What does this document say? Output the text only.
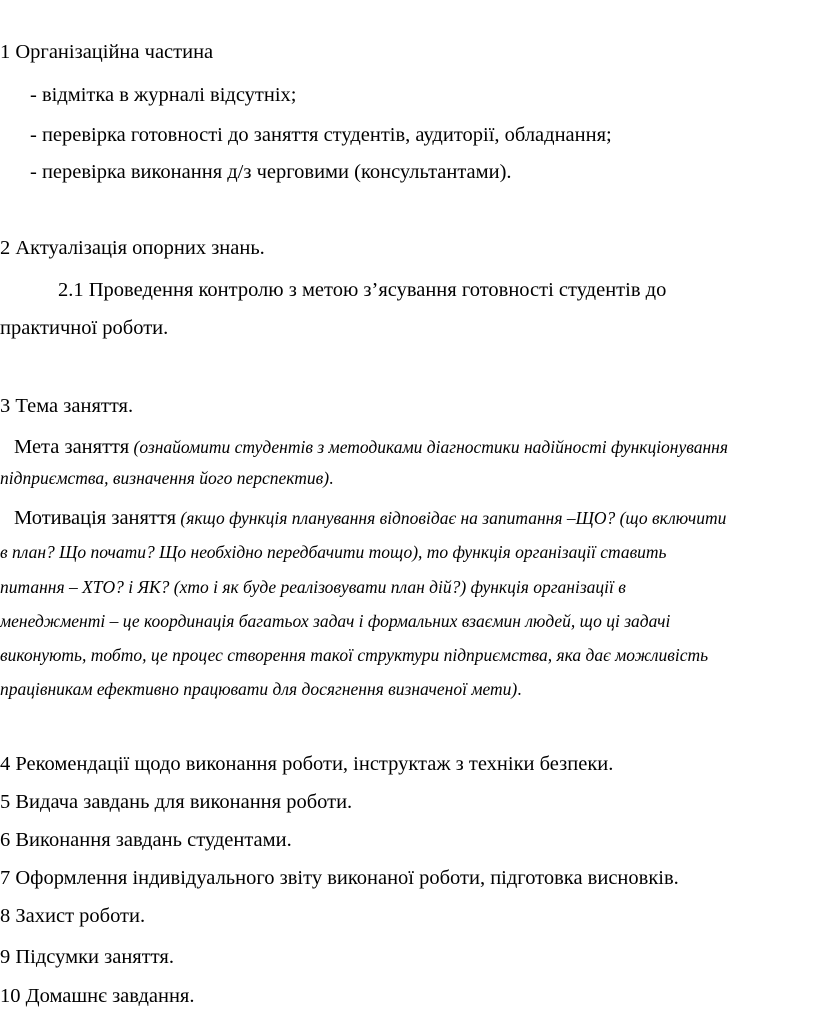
1 Організаційна частина
- відмітка в журналі відсутніх;
- перевірка готовності до заняття студентів, аудиторії, обладнання;
- перевірка виконання д/з черговими (консультантами).
2 Актуалізація опорних знань.
2.1 Проведення контролю з метою з’ясування готовності студентів до
практичної роботи.
3 Тема заняття.
Мета заняття (ознайомити студентів з методиками діагностики надійності функціонування
підприємства, визначення його перспектив).
Мотивація заняття (якщо функція планування відповідає на запитання –ЩО? (що включити
в план? Що почати? Що необхідно передбачити тощо), то функція організації ставить
питання – ХТО? і ЯК? (хто і як буде реалізовувати план дій?) функція організації в
менеджменті – це координація багатьох задач і формальних взаємин людей, що ці задачі
виконують, тобто, це процес створення такої структури підприємства, яка дає можливість
працівникам ефективно працювати для досягнення визначеної мети).
4 Рекомендації щодо виконання роботи, інструктаж з техніки безпеки.
5 Видача завдань для виконання роботи.
6 Виконання завдань студентами.
7 Оформлення індивідуального звіту виконаної роботи, підготовка висновків.
8 Захист роботи.
9 Підсумки заняття.
10 Домашнє завдання.
